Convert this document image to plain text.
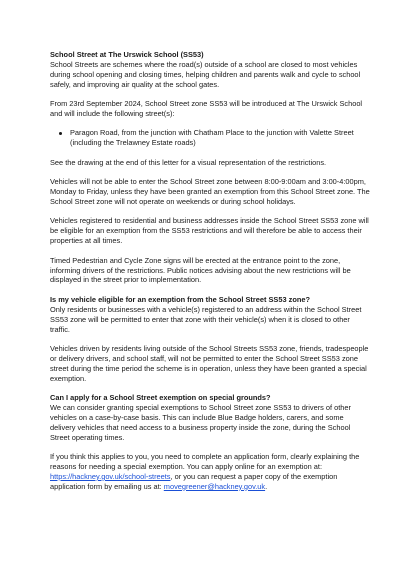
School Street at The Urswick School (SS53)

School Streets are schemes where the road(s) outside of a school are closed to most vehicles during school opening and closing times, helping children and parents walk and cycle to school safely, and improving air quality at the school gates.

From 23rd September 2024, School Street zone SS53 will be introduced at The Urswick School and will include the following street(s):

Paragon Road, from the junction with Chatham Place to the junction with Valette Street (including the Trelawney Estate roads)

See the drawing at the end of this letter for a visual representation of the restrictions.

Vehicles will not be able to enter the School Street zone between 8:00-9:00am and 3:00-4:00pm, Monday to Friday, unless they have been granted an exemption from this School Street zone. The School Street zone will not operate on weekends or during school holidays.

Vehicles registered to residential and business addresses inside the School Street SS53 zone will be eligible for an exemption from the SS53 restrictions and will therefore be able to access their properties at all times.

Timed Pedestrian and Cycle Zone signs will be erected at the entrance point to the zone, informing drivers of the restrictions. Public notices advising about the new restrictions will be displayed in the street prior to implementation.

Is my vehicle eligible for an exemption from the School Street SS53 zone?

Only residents or businesses with a vehicle(s) registered to an address within the School Street SS53 zone will be permitted to enter that zone with their vehicle(s) when it is closed to other traffic.

Vehicles driven by residents living outside of the School Streets SS53 zone, friends, tradespeople or delivery drivers, and school staff, will not be permitted to enter the School Street SS53 zone street during the time period the scheme is in operation, unless they have been granted a special exemption.

Can I apply for a School Street exemption on special grounds?

We can consider granting special exemptions to School Street zone SS53 to drivers of other vehicles on a case-by-case basis. This can include Blue Badge holders, carers, and some delivery vehicles that need access to a business property inside the zone, during the School Street operating times.

If you think this applies to you, you need to complete an application form, clearly explaining the reasons for needing a special exemption. You can apply online for an exemption at: https://hackney.gov.uk/school-streets, or you can request a paper copy of the exemption application form by emailing us at: movegreener@hackney.gov.uk.
